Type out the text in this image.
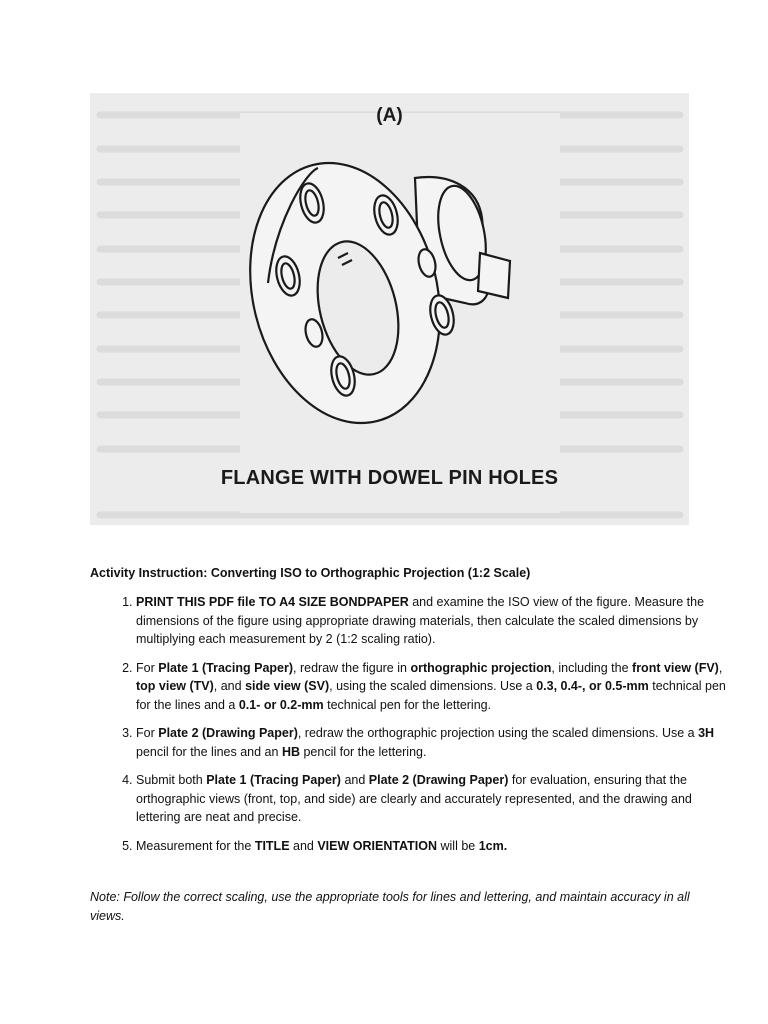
(A)
FLANGE WITH DOWEL PIN HOLES
Activity Instruction: Converting ISO to Orthographic Projection (1:2 Scale)
1. PRINT THIS PDF file TO A4 SIZE BONDPAPER and examine the ISO view of the figure. Measure the dimensions of the figure using appropriate drawing materials, then calculate the scaled dimensions by multiplying each measurement by 2 (1:2 scaling ratio).
2. For Plate 1 (Tracing Paper), redraw the figure in orthographic projection, including the front view (FV), top view (TV), and side view (SV), using the scaled dimensions. Use a 0.3, 0.4-, or 0.5-mm technical pen for the lines and a 0.1- or 0.2-mm technical pen for the lettering.
3. For Plate 2 (Drawing Paper), redraw the orthographic projection using the scaled dimensions. Use a 3H pencil for the lines and an HB pencil for the lettering.
4. Submit both Plate 1 (Tracing Paper) and Plate 2 (Drawing Paper) for evaluation, ensuring that the orthographic views (front, top, and side) are clearly and accurately represented, and the drawing and lettering are neat and precise.
5. Measurement for the TITLE and VIEW ORIENTATION will be 1cm.
Note: Follow the correct scaling, use the appropriate tools for lines and lettering, and maintain accuracy in all views.
